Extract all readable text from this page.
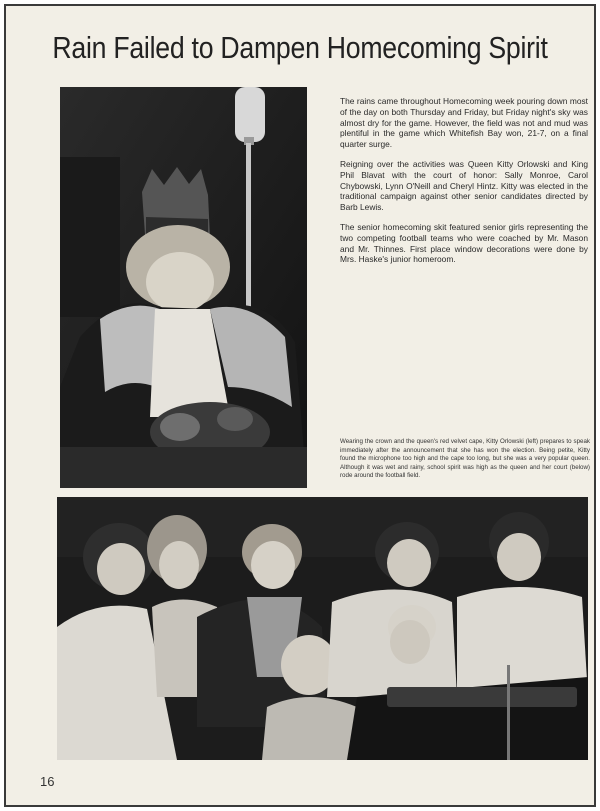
Rain Failed to Dampen Homecoming Spirit

The rains came throughout Homecoming week pouring down most of the day on both Thursday and Friday, but Friday night's sky was almost dry for the game. However, the field was not and mud was plentiful in the game which Whitefish Bay won, 21-7, on a final quarter surge.

Reigning over the activities was Queen Kitty Orlowski and King Phil Blavat with the court of honor: Sally Monroe, Carol Chybowski, Lynn O'Neill and Cheryl Hintz. Kitty was elected in the traditional campaign against other senior candidates directed by Barb Lewis.

The senior homecoming skit featured senior girls representing the two competing football teams who were coached by Mr. Mason and Mr. Thinnes. First place window decorations were done by Mrs. Haske's junior homeroom.

Wearing the crown and the queen's red velvet cape, Kitty Orlowski (left) prepares to speak immediately after the announcement that she has won the election. Being petite, Kitty found the microphone too high and the cape too long, but she was a very popular queen. Although it was wet and rainy, school spirit was high as the queen and her court (below) rode around the football field.
16
